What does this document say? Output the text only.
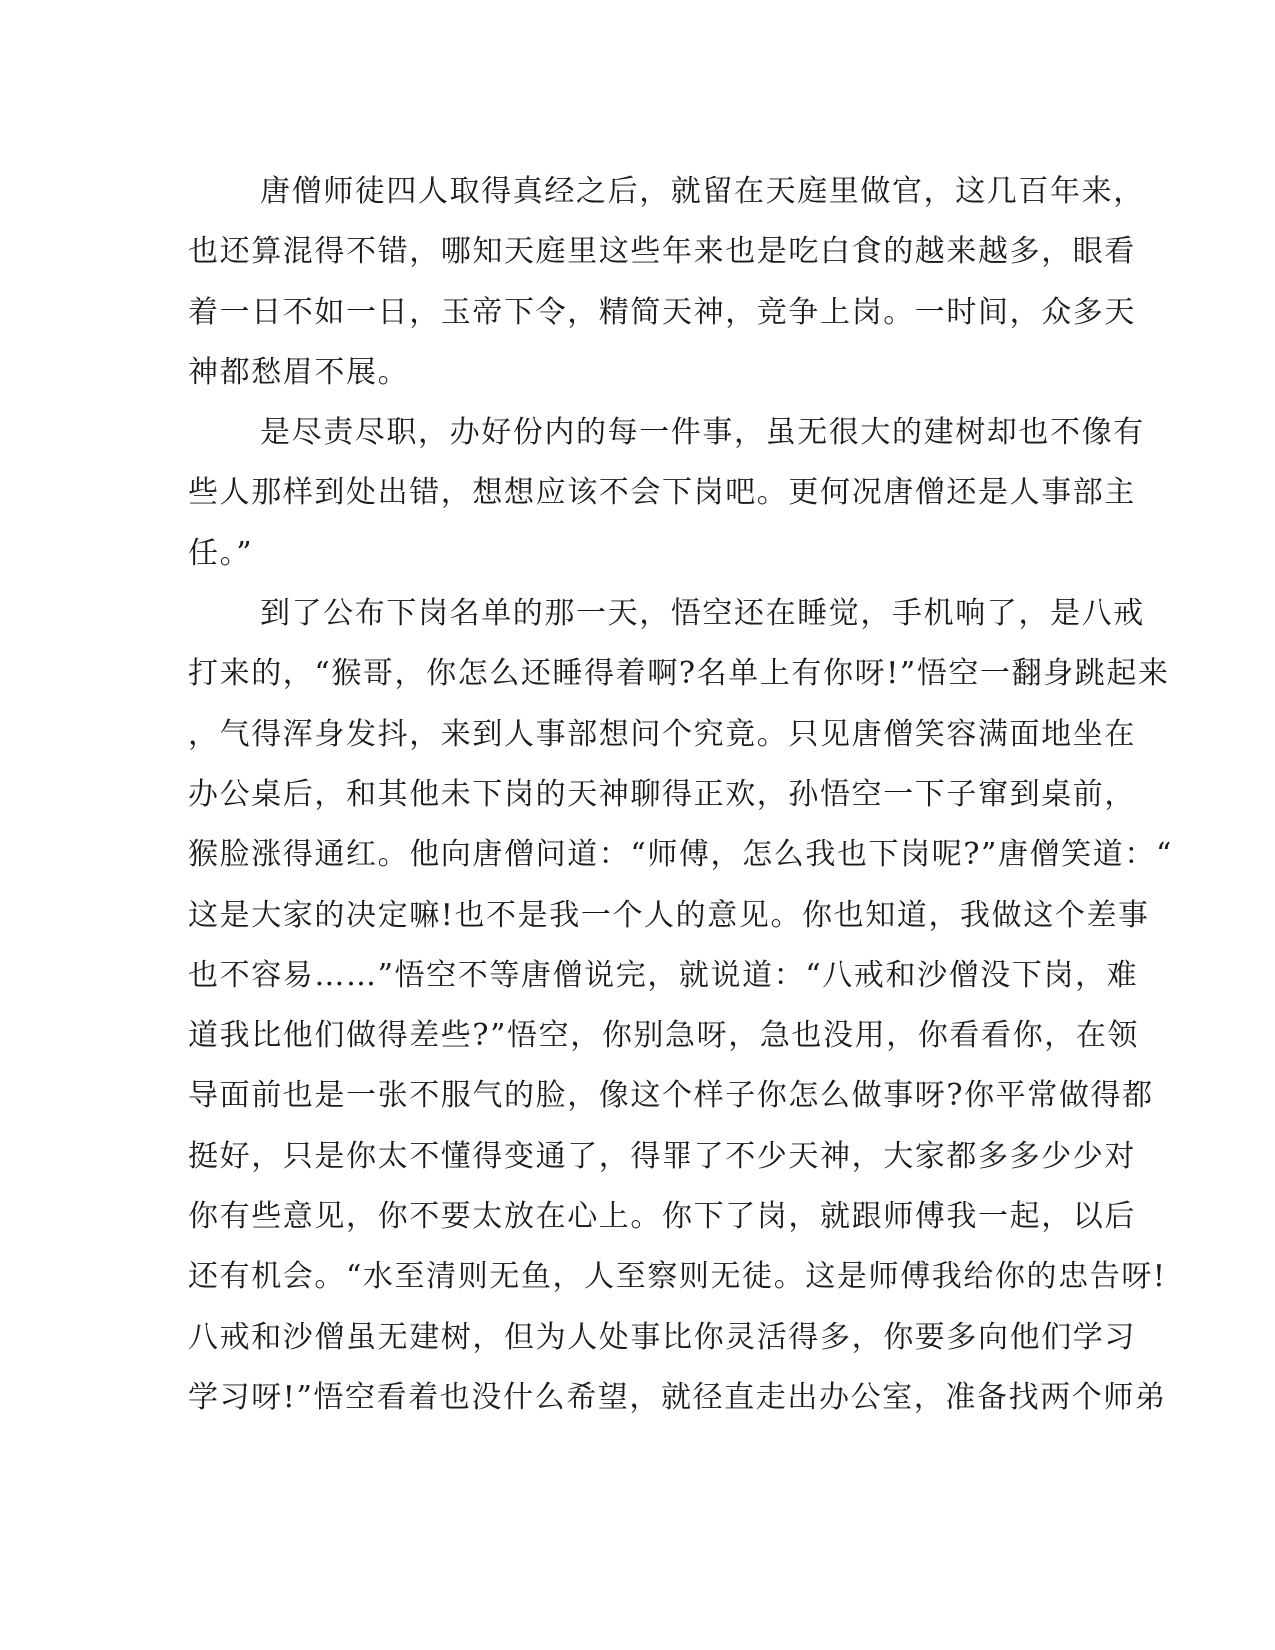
唐僧师徒四人取得真经之后，就留在天庭里做官，这几百年来，
也还算混得不错，哪知天庭里这些年来也是吃白食的越来越多，眼看
着一日不如一日，玉帝下令，精简天神，竞争上岗。一时间，众多天
神都愁眉不展。
是尽责尽职，办好份内的每一件事，虽无很大的建树却也不像有
些人那样到处出错，想想应该不会下岗吧。更何况唐僧还是人事部主
任。”
到了公布下岗名单的那一天，悟空还在睡觉，手机响了，是八戒
打来的，“猴哥，你怎么还睡得着啊?名单上有你呀!”悟空一翻身跳起来
，气得浑身发抖，来到人事部想问个究竟。只见唐僧笑容满面地坐在
办公桌后，和其他未下岗的天神聊得正欢，孙悟空一下子窜到桌前，
猴脸涨得通红。他向唐僧问道：“师傅，怎么我也下岗呢?”唐僧笑道：“
这是大家的决定嘛!也不是我一个人的意见。你也知道，我做这个差事
也不容易……”悟空不等唐僧说完，就说道：“八戒和沙僧没下岗，难
道我比他们做得差些?”悟空，你别急呀，急也没用，你看看你，在领
导面前也是一张不服气的脸，像这个样子你怎么做事呀?你平常做得都
挺好，只是你太不懂得变通了，得罪了不少天神，大家都多多少少对
你有些意见，你不要太放在心上。你下了岗，就跟师傅我一起，以后
还有机会。“水至清则无鱼，人至察则无徒。这是师傅我给你的忠告呀!
八戒和沙僧虽无建树，但为人处事比你灵活得多，你要多向他们学习
学习呀!”悟空看着也没什么希望，就径直走出办公室，准备找两个师弟
